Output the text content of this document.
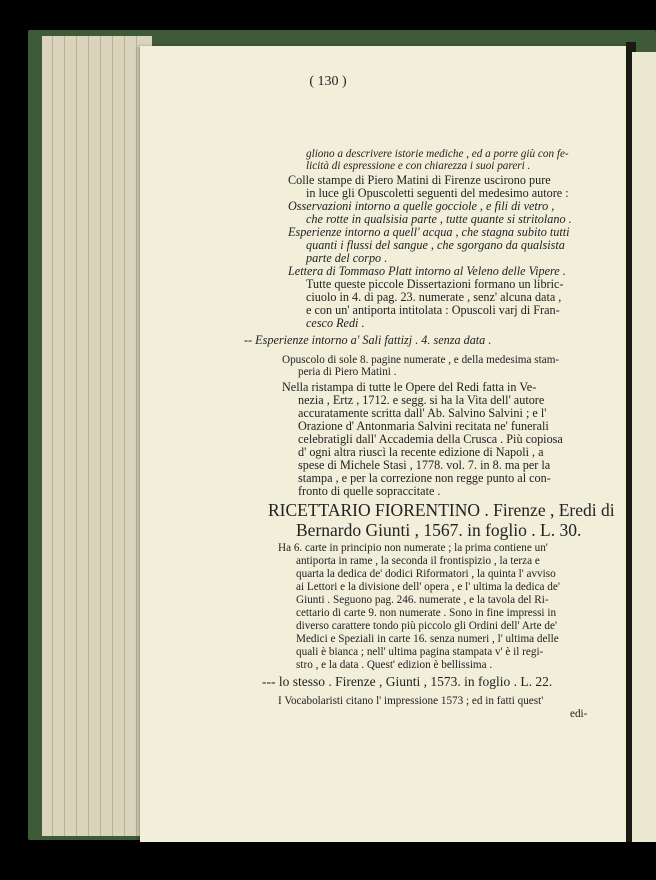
( 130 )
gliono a descrivere istorie mediche , ed a porre giù con fe-
licità di espressione e con chiarezza i suoi pareri .
Colle stampe di Piero Matini di Firenze uscirono pure
in luce gli Opuscoletti seguenti del medesimo autore :
Osservazioni intorno a quelle gocciole , e fili di vetro ,
che rotte in qualsisia parte , tutte quante si stritolano .
Esperienze intorno a quell' acqua , che stagna subito tutti
quanti i flussi del sangue , che sgorgano da qualsista
parte del corpo .
Lettera di Tommaso Platt intorno al Veleno delle Vipere .
Tutte queste piccole Dissertazioni formano un libric-
ciuolo in 4. di pag. 23. numerate , senz' alcuna data ,
e con un' antiporta intitolata : Opuscoli varj di Fran-
cesco Redi .
-- Esperienze intorno a' Sali fattizj . 4. senza data .
Opuscolo di sole 8. pagine numerate , e della medesima stam-
peria di Piero Matini .
Nella ristampa di tutte le Opere del Redi fatta in Ve-
nezia , Ertz , 1712. e segg. si ha la Vita dell' autore
accuratamente scritta dall' Ab. Salvino Salvini ; e l'
Orazione d' Antonmaria Salvini recitata ne' funerali
celebratigli dall' Accademia della Crusca . Più copiosa
d' ogni altra riuscì la recente edizione di Napoli , a
spese di Michele Stasi , 1778. vol. 7. in 8. ma per la
stampa , e per la correzione non regge punto al con-
fronto di quelle sopraccitate .
RICETTARIO FIORENTINO . Firenze , Eredi di
Bernardo Giunti , 1567. in foglio . L. 30.
Ha 6. carte in principio non numerate ; la prima contiene un'
antiporta in rame , la seconda il frontispizio , la terza e
quarta la dedica de' dodici Riformatori , la quinta l' avviso
ai Lettori e la divisione dell' opera , e l' ultima la dedica de'
Giunti . Seguono pag. 246. numerate , e la tavola del Ri-
cettario di carte 9. non numerate . Sono in fine impressi in
diverso carattere tondo più piccolo gli Ordini dell' Arte de'
Medici e Speziali in carte 16. senza numeri , l' ultima delle
quali è bianca ; nell' ultima pagina stampata v' è il regi-
stro , e la data . Quest' edizion è bellissima .
--- lo stesso . Firenze , Giunti , 1573. in foglio . L. 22.
I Vocabolaristi citano l' impressione 1573 ; ed in fatti quest'
edi-
